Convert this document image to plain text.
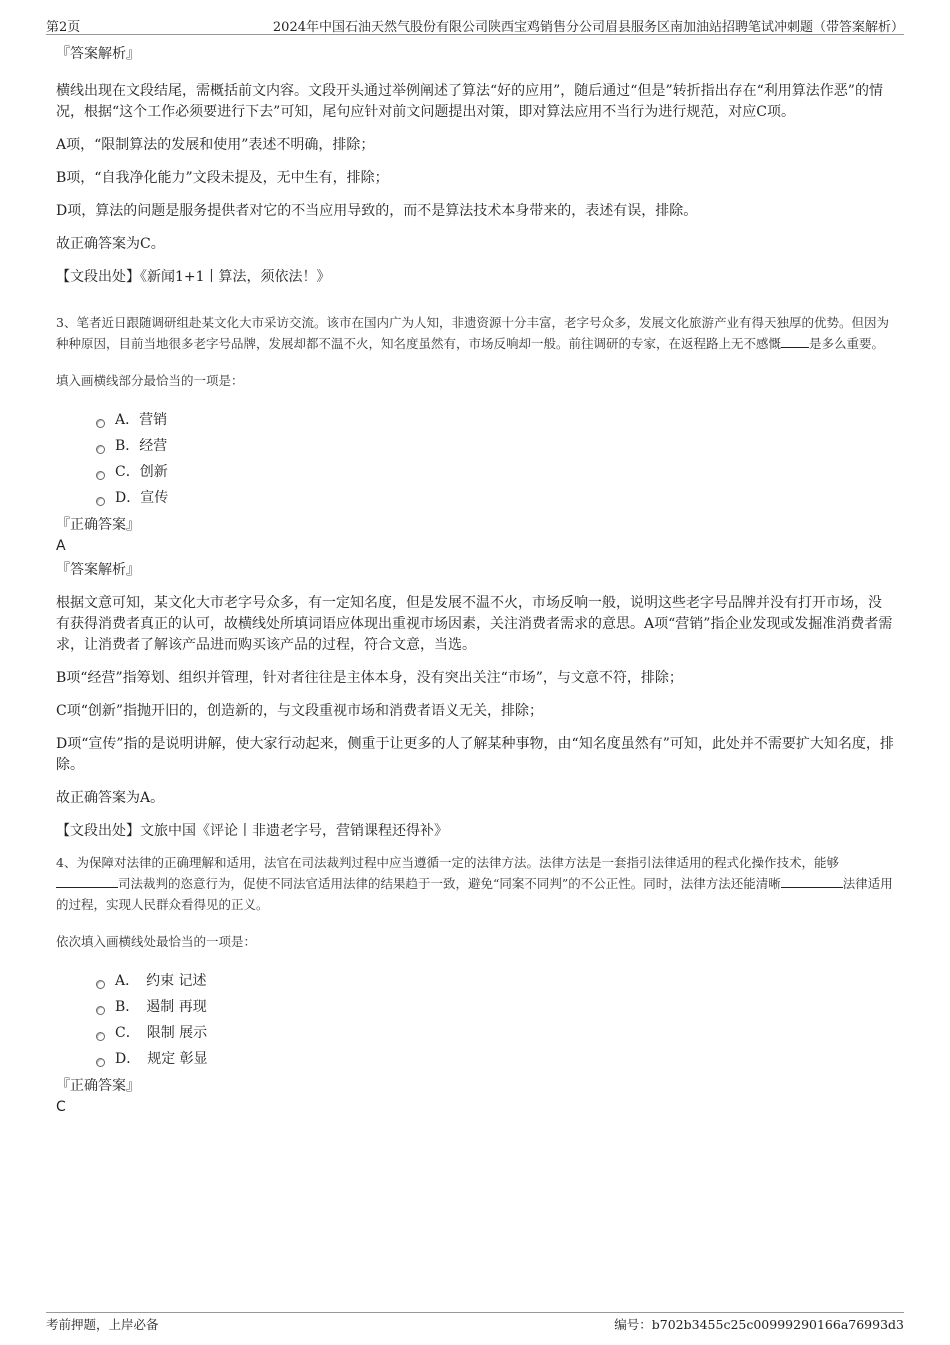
第2页	2024年中国石油天然气股份有限公司陕西宝鸡销售分公司眉县服务区南加油站招聘笔试冲刺题（带答案解析）

『答案解析』

横线出现在文段结尾，需概括前文内容。文段开头通过举例阐述了算法“好的应用”，随后通过“但是”转折指出存在“利用算法作恶”的情况，根据“这个工作必须要进行下去”可知，尾句应针对前文问题提出对策，即对算法应用不当行为进行规范，对应C项。

A项，“限制算法的发展和使用”表述不明确，排除；

B项，“自我净化能力”文段未提及，无中生有，排除；

D项，算法的问题是服务提供者对它的不当应用导致的，而不是算法技术本身带来的，表述有误，排除。

故正确答案为C。

【文段出处】《新闻1+1丨算法，须依法！》

3、笔者近日跟随调研组赴某文化大市采访交流。该市在国内广为人知，非遗资源十分丰富，老字号众多，发展文化旅游产业有得天独厚的优势。但因为种种原因，目前当地很多老字号品牌，发展却都不温不火，知名度虽然有，市场反响却一般。前往调研的专家，在返程路上无不感慨 是多么重要。

填入画横线部分最恰当的一项是：

A．营销
B．经营
C．创新
D．宣传

『正确答案』

A

『答案解析』

根据文意可知，某文化大市老字号众多，有一定知名度，但是发展不温不火，市场反响一般，说明这些老字号品牌并没有打开市场，没有获得消费者真正的认可，故横线处所填词语应体现出重视市场因素，关注消费者需求的意思。A项“营销”指企业发现或发掘准消费者需求，让消费者了解该产品进而购买该产品的过程，符合文意，当选。

B项“经营”指筹划、组织并管理，针对者往往是主体本身，没有突出关注“市场”，与文意不符，排除；

C项“创新”指抛开旧的，创造新的，与文段重视市场和消费者语义无关，排除；

D项“宣传”指的是说明讲解，使大家行动起来，侧重于让更多的人了解某种事物，由“知名度虽然有”可知，此处并不需要扩大知名度，排除。

故正确答案为A。

【文段出处】文旅中国《评论丨非遗老字号，营销课程还得补》

4、为保障对法律的正确理解和适用，法官在司法裁判过程中应当遵循一定的法律方法。法律方法是一套指引法律适用的程式化操作技术，能够司法裁判的恣意行为，促使不同法官适用法律的结果趋于一致，避免“同案不同判”的不公正性。同时，法律方法还能清晰	法律适用的过程，实现人民群众看得见的正义。

依次填入画横线处最恰当的一项是：

A．　约束 记述
B．　遏制 再现
C．　限制 展示
D．　规定 彰显

『正确答案』

C

考前押题，上岸必备	编号：b702b3455c25c00999290166a76993d3
